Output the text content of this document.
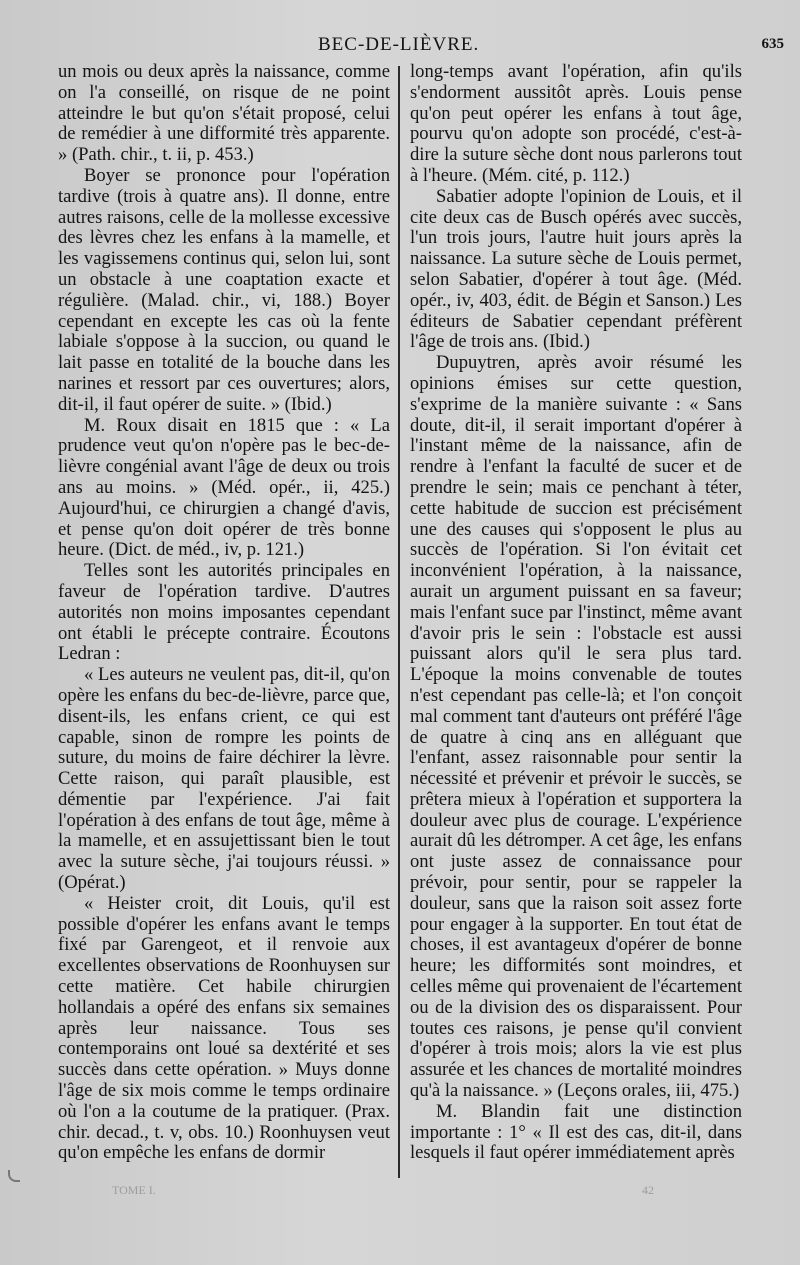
BEC-DE-LIÈVRE.	635

un mois ou deux après la naissance, comme on l'a conseillé, on risque de ne point atteindre le but qu'on s'était proposé, celui de remédier à une difformité très apparente. » (Path. chir., t. ii, p. 453.)

Boyer se prononce pour l'opération tardive (trois à quatre ans). Il donne, entre autres raisons, celle de la mollesse excessive des lèvres chez les enfans à la mamelle, et les vagissemens continus qui, selon lui, sont un obstacle à une coaptation exacte et régulière. (Malad. chir., vi, 188.) Boyer cependant en excepte les cas où la fente labiale s'oppose à la succion, ou quand le lait passe en totalité de la bouche dans les narines et ressort par ces ouvertures; alors, dit-il, il faut opérer de suite. » (Ibid.)

M. Roux disait en 1815 que : « La prudence veut qu'on n'opère pas le bec-de-lièvre congénial avant l'âge de deux ou trois ans au moins. » (Méd. opér., ii, 425.) Aujourd'hui, ce chirurgien a changé d'avis, et pense qu'on doit opérer de très bonne heure. (Dict. de méd., iv, p. 121.)

Telles sont les autorités principales en faveur de l'opération tardive. D'autres autorités non moins imposantes cependant ont établi le précepte contraire. Écoutons Ledran :

« Les auteurs ne veulent pas, dit-il, qu'on opère les enfans du bec-de-lièvre, parce que, disent-ils, les enfans crient, ce qui est capable, sinon de rompre les points de suture, du moins de faire déchirer la lèvre. Cette raison, qui paraît plausible, est démentie par l'expérience. J'ai fait l'opération à des enfans de tout âge, même à la mamelle, et en assujettissant bien le tout avec la suture sèche, j'ai toujours réussi. » (Opérat.)

« Heister croit, dit Louis, qu'il est possible d'opérer les enfans avant le temps fixé par Garengeot, et il renvoie aux excellentes observations de Roonhuysen sur cette matière. Cet habile chirurgien hollandais a opéré des enfans six semaines après leur naissance. Tous ses contemporains ont loué sa dextérité et ses succès dans cette opération. » Muys donne l'âge de six mois comme le temps ordinaire où l'on a la coutume de la pratiquer. (Prax. chir. decad., t. v, obs. 10.) Roonhuysen veut qu'on empêche les enfans de dormir

long-temps avant l'opération, afin qu'ils s'endorment aussitôt après. Louis pense qu'on peut opérer les enfans à tout âge, pourvu qu'on adopte son procédé, c'est-à-dire la suture sèche dont nous parlerons tout à l'heure. (Mém. cité, p. 112.)

Sabatier adopte l'opinion de Louis, et il cite deux cas de Busch opérés avec succès, l'un trois jours, l'autre huit jours après la naissance. La suture sèche de Louis permet, selon Sabatier, d'opérer à tout âge. (Méd. opér., iv, 403, édit. de Bégin et Sanson.) Les éditeurs de Sabatier cependant préfèrent l'âge de trois ans. (Ibid.)

Dupuytren, après avoir résumé les opinions émises sur cette question, s'exprime de la manière suivante : « Sans doute, dit-il, il serait important d'opérer à l'instant même de la naissance, afin de rendre à l'enfant la faculté de sucer et de prendre le sein; mais ce penchant à téter, cette habitude de succion est précisément une des causes qui s'opposent le plus au succès de l'opération. Si l'on évitait cet inconvénient l'opération, à la naissance, aurait un argument puissant en sa faveur; mais l'enfant suce par l'instinct, même avant d'avoir pris le sein : l'obstacle est aussi puissant alors qu'il le sera plus tard. L'époque la moins convenable de toutes n'est cependant pas celle-là; et l'on conçoit mal comment tant d'auteurs ont préféré l'âge de quatre à cinq ans en alléguant que l'enfant, assez raisonnable pour sentir la nécessité et prévenir et prévoir le succès, se prêtera mieux à l'opération et supportera la douleur avec plus de courage. L'expérience aurait dû les détromper. A cet âge, les enfans ont juste assez de connaissance pour prévoir, pour sentir, pour se rappeler la douleur, sans que la raison soit assez forte pour engager à la supporter. En tout état de choses, il est avantageux d'opérer de bonne heure; les difformités sont moindres, et celles même qui provenaient de l'écartement ou de la division des os disparaissent. Pour toutes ces raisons, je pense qu'il convient d'opérer à trois mois; alors la vie est plus assurée et les chances de mortalité moindres qu'à la naissance. » (Leçons orales, iii, 475.)

M. Blandin fait une distinction importante : 1° « Il est des cas, dit-il, dans lesquels il faut opérer immédiatement après

TOME I.	42
